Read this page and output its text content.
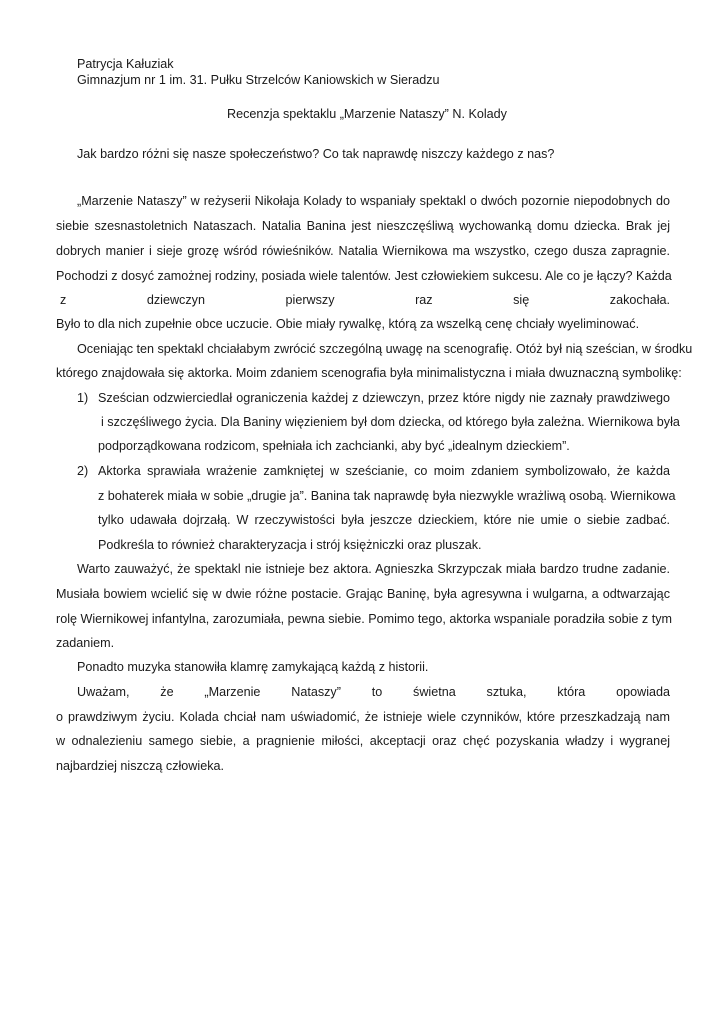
Patrycja Kałuziak
Gimnazjum nr 1 im. 31. Pułku Strzelców Kaniowskich w Sieradzu
Recenzja spektaklu „Marzenie Nataszy” N. Kolady
Jak bardzo różni się nasze społeczeństwo? Co tak naprawdę niszczy każdego z nas?
„Marzenie Nataszy” w reżyserii Nikołaja Kolady to wspaniały spektakl o dwóch pozornie niepodobnych do
siebie szesnastoletnich Nataszach. Natalia Banina jest nieszczęśliwą wychowanką domu dziecka. Brak jej
dobrych manier i sieje grozę wśród rówieśników. Natalia Wiernikowa ma wszystko, czego dusza zapragnie.
Pochodzi z dosyć zamożnej rodziny, posiada wiele talentów. Jest człowiekiem sukcesu. Ale co je łączy? Każda
z dziewczyn pierwszy raz się zakochała.
Było to dla nich zupełnie obce uczucie. Obie miały rywalkę, którą za wszelką cenę chciały wyeliminować.
Oceniając ten spektakl chciałabym zwrócić szczególną uwagę na scenografię. Otóż był nią sześcian, w środku
którego znajdowała się aktorka. Moim zdaniem scenografia była minimalistyczna i miała dwuznaczną symbolikę:
1) Sześcian odzwierciedlał ograniczenia każdej z dziewczyn, przez które nigdy nie zaznały prawdziwego
i szczęśliwego życia. Dla Baniny więzieniem był dom dziecka, od którego była zależna. Wiernikowa była
podporządkowana rodzicom, spełniała ich zachcianki, aby być „idealnym dzieckiem”.
2) Aktorka sprawiała wrażenie zamkniętej w sześcianie, co moim zdaniem symbolizowało, że każda
z bohaterek miała w sobie „drugie ja”. Banina tak naprawdę była niezwykle wrażliwą osobą. Wiernikowa
tylko udawała dojrzałą. W rzeczywistości była jeszcze dzieckiem, które nie umie o siebie zadbać.
Podkreśla to również charakteryzacja i strój księżniczki oraz pluszak.
Warto zauważyć, że spektakl nie istnieje bez aktora. Agnieszka Skrzypczak miała bardzo trudne zadanie.
Musiała bowiem wcielić się w dwie różne postacie. Grając Baninę, była agresywna i wulgarna, a odtwarzając
rolę Wiernikowej infantylna, zarozumiała, pewna siebie. Pomimo tego, aktorka wspaniale poradziła sobie z tym
zadaniem.
Ponadto muzyka stanowiła klamrę zamykającą każdą z historii.
Uważam, że „Marzenie Nataszy” to świetna sztuka, która opowiada
o prawdziwym życiu. Kolada chciał nam uświadomić, że istnieje wiele czynników, które przeszkadzają nam
w odnalezieniu samego siebie, a pragnienie miłości, akceptacji oraz chęć pozyskania władzy i wygranej
najbardziej niszczą człowieka.
